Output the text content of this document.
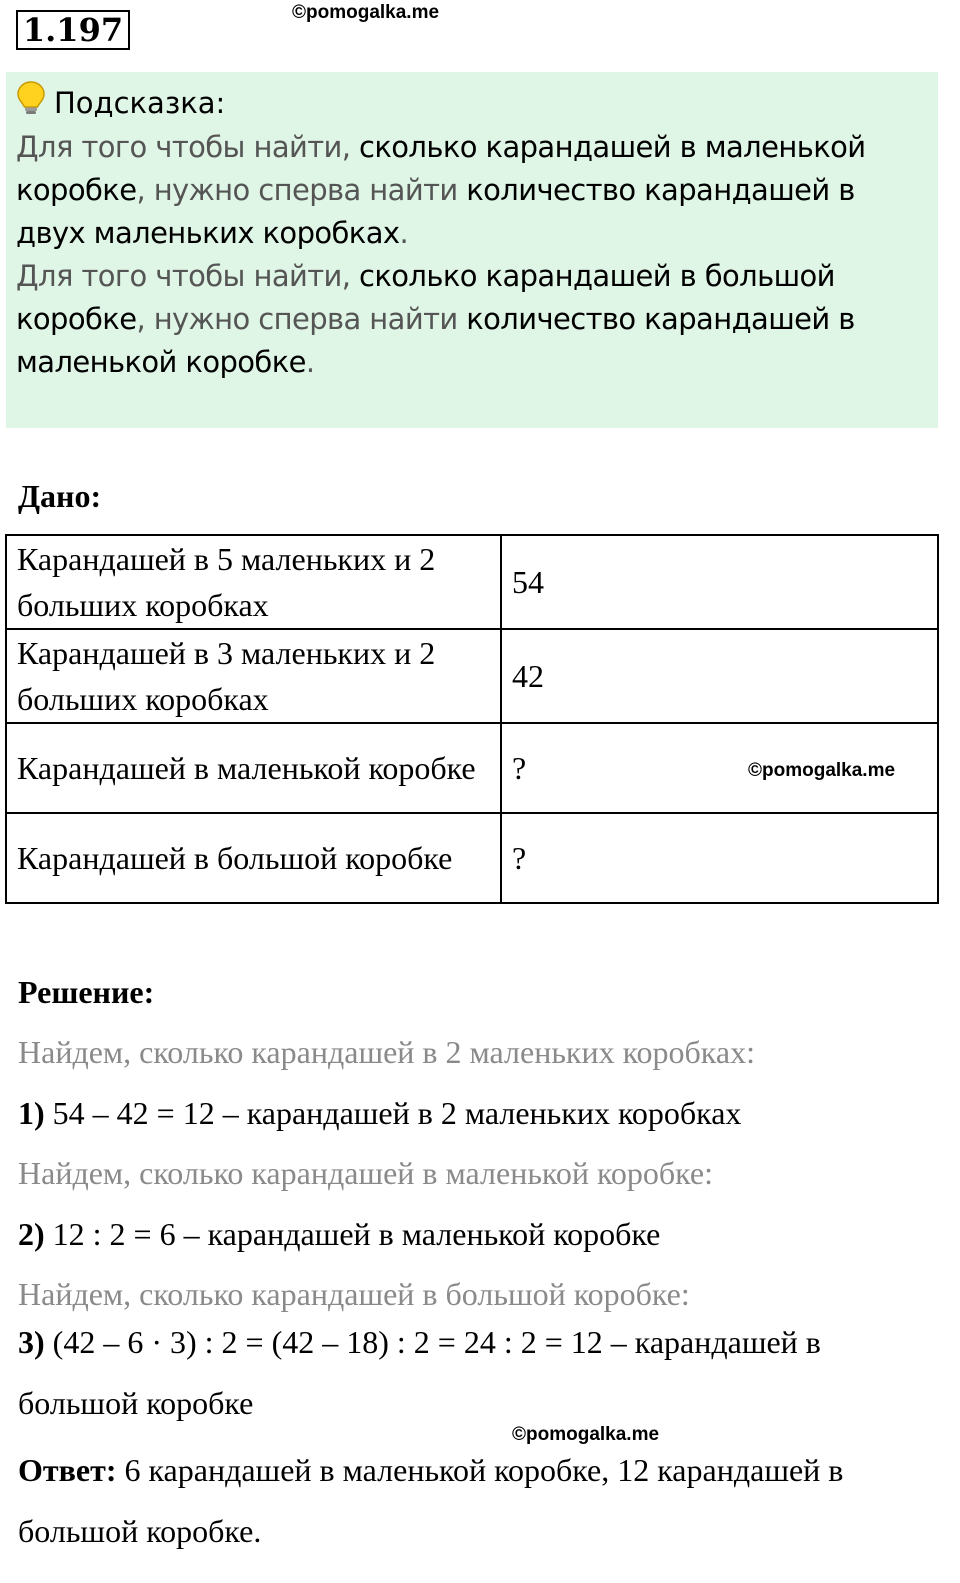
1.197	©pomogalka.me
Подсказка:

Для того чтобы найти, сколько карандашей в маленькой коробке, нужно сперва найти количество карандашей в двух маленьких коробках.

Для того чтобы найти, сколько карандашей в большой коробке, нужно сперва найти количество карандашей в маленькой коробке.

Дано:
Карандашей в 5 маленьких и 2 больших коробках	54
Карандашей в 3 маленьких и 2 больших коробках	42
Карандашей в маленькой коробке	?
Карандашей в большой коробке	?
©pomogalka.me
Решение:
Найдем, сколько карандашей в 2 маленьких коробках:
1) 54 – 42 = 12 – карандашей в 2 маленьких коробках
Найдем, сколько карандашей в маленькой коробке:
2) 12 : 2 = 6 – карандашей в маленькой коробке
Найдем, сколько карандашей в большой коробке:
3) (42 – 6 · 3) : 2 = (42 – 18) : 2 = 24 : 2 = 12 – карандашей в
большой коробке
©pomogalka.me
Ответ: 6 карандашей в маленькой коробке, 12 карандашей в большой коробке.
